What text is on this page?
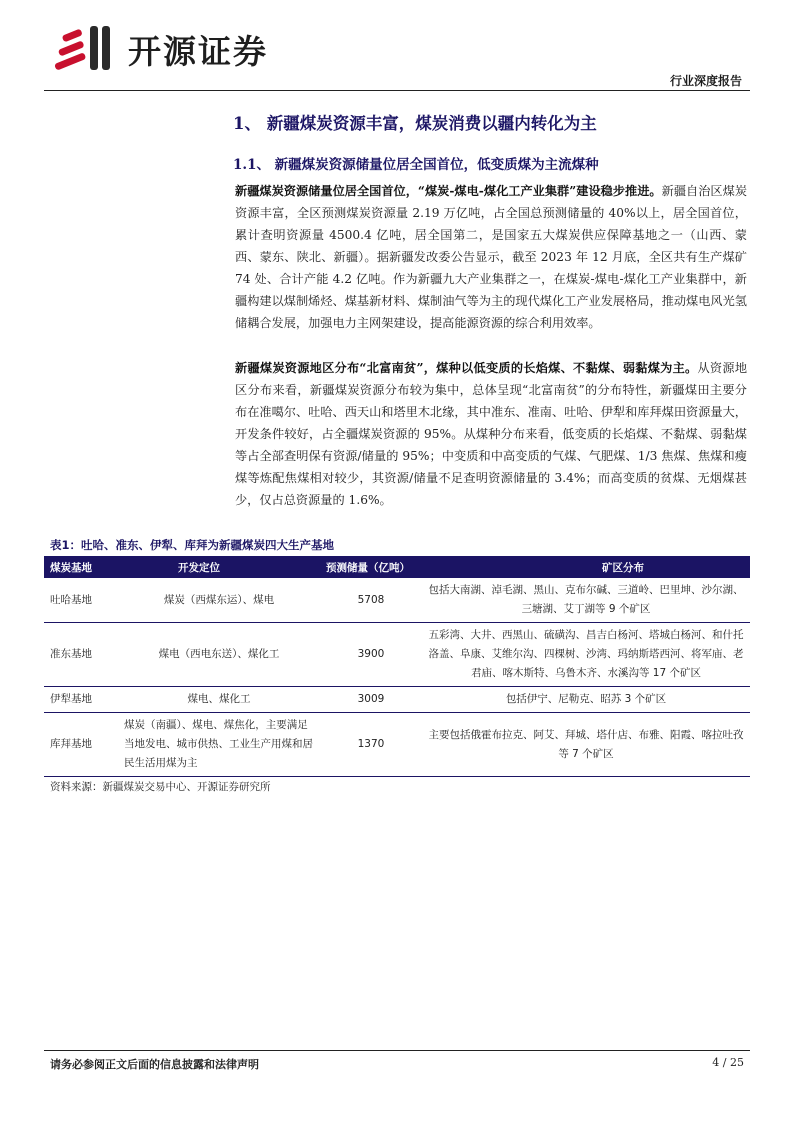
开源证券
行业深度报告
1、 新疆煤炭资源丰富，煤炭消费以疆内转化为主
1.1、 新疆煤炭资源储量位居全国首位，低变质煤为主流煤种
新疆煤炭资源储量位居全国首位，“煤炭-煤电-煤化工产业集群”建设稳步推进。新疆自治区煤炭资源丰富，全区预测煤炭资源量 2.19 万亿吨，占全国总预测储量的 40%以上，居全国首位，累计查明资源量 4500.4 亿吨，居全国第二，是国家五大煤炭供应保障基地之一（山西、蒙西、蒙东、陕北、新疆）。据新疆发改委公告显示，截至 2023 年 12 月底，全区共有生产煤矿 74 处、合计产能 4.2 亿吨。作为新疆九大产业集群之一，在煤炭-煤电-煤化工产业集群中，新疆构建以煤制烯烃、煤基新材料、煤制油气等为主的现代煤化工产业发展格局，推动煤电风光氢储耦合发展，加强电力主网架建设，提高能源资源的综合利用效率。
新疆煤炭资源地区分布“北富南贫”，煤种以低变质的长焰煤、不黏煤、弱黏煤为主。从资源地区分布来看，新疆煤炭资源分布较为集中，总体呈现“北富南贫”的分布特性，新疆煤田主要分布在准噶尔、吐哈、西天山和塔里木北缘，其中准东、准南、吐哈、伊犁和库拜煤田资源量大，开发条件较好，占全疆煤炭资源的 95%。从煤种分布来看，低变质的长焰煤、不黏煤、弱黏煤等占全部查明保有资源/储量的 95%；中变质和中高变质的气煤、气肥煤、1/3 焦煤、焦煤和瘦煤等炼配焦煤相对较少，其资源/储量不足查明资源储量的 3.4%；而高变质的贫煤、无烟煤甚少，仅占总资源量的 1.6%。
表1：吐哈、准东、伊犁、库拜为新疆煤炭四大生产基地
煤炭基地	开发定位	预测储量（亿吨）	矿区分布
吐哈基地	煤炭（西煤东运）、煤电	5708	包括大南湖、淖毛湖、黑山、克布尔碱、三道岭、巴里坤、沙尔湖、三塘湖、艾丁湖等 9 个矿区
准东基地	煤电（西电东送）、煤化工	3900	五彩湾、大井、西黑山、硫磺沟、昌吉白杨河、塔城白杨河、和什托洛盖、阜康、艾维尔沟、四棵树、沙湾、玛纳斯塔西河、将军庙、老君庙、喀木斯特、乌鲁木齐、水溪沟等 17 个矿区
伊犁基地	煤电、煤化工	3009	包括伊宁、尼勒克、昭苏 3 个矿区
库拜基地	煤炭（南疆）、煤电、煤焦化，主要满足当地发电、城市供热、工业生产用煤和居民生活用煤为主	1370	主要包括俄霍布拉克、阿艾、拜城、塔什店、布雅、阳霞、喀拉吐孜等 7 个矿区
资料来源：新疆煤炭交易中心、开源证券研究所
请务必参阅正文后面的信息披露和法律声明	4 / 25
